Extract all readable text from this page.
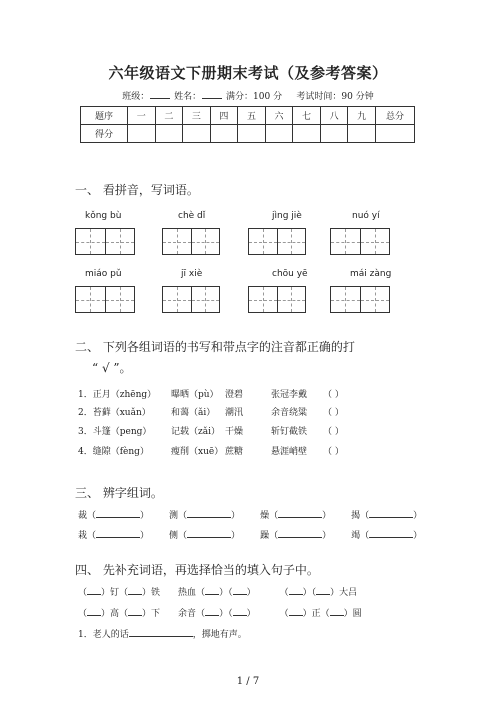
六年级语文下册期末考试（及参考答案）
班级：	姓名：	满分：100 分 考试时间：90 分钟
题序	一	二	三	四	五	六	七	八	九	总分
得分										
一、 看拼音，写词语。
kǒng bù	chè dǐ	jìng jiè	nuó yí
miáo pǔ	jī xiè	chōu yē	mái zàng
二、 下列各组词语的书写和带点字的注音都正确的打
“ √ ”。
1．正月（zhēng） 曝晒（pù） 澄碧	张冠李戴 （ ）
2．苔藓（xuǎn） 和蔼（ǎi） 潮汛	余音绕粱 （ ）
3．斗篷（peng） 记载（zǎi） 干燥	斩钉截铁 （ ）
4．缝隙（fèng） 瘦削（xuē） 蔗糖	悬涯峭壁 （ ）
三、 辨字组词。
裁（	） 测（	） 燥（	） 揭（	）
栽（	） 侧（	） 躁（	） 竭（	）
四、 先补充词语，再选择恰当的填入句子中。
（ ）钉（ ）铁 热血（ ）（ ）	（ ）（ ）大吕
（ ）高（ ）下 余音（ ）（ ）	（ ）正（ ）圆
1．老人的话	，掷地有声。
1 / 7
